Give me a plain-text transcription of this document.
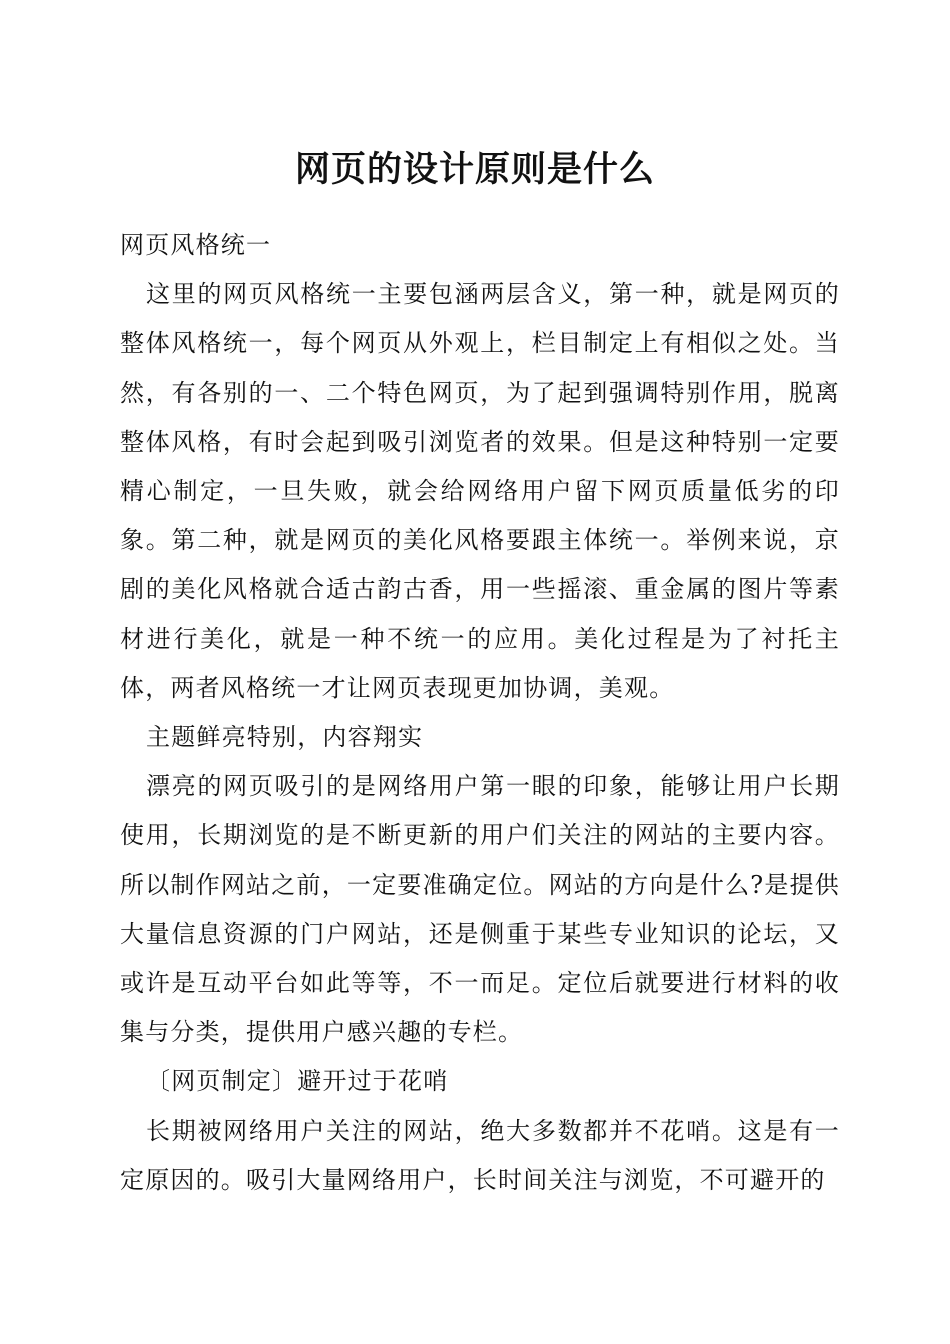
网页的设计原则是什么

网页风格统一

这里的网页风格统一主要包涵两层含义，第一种，就是网页的整体风格统一，每个网页从外观上，栏目制定上有相似之处。当然，有各别的一、二个特色网页，为了起到强调特别作用，脱离整体风格，有时会起到吸引浏览者的效果。但是这种特别一定要精心制定，一旦失败，就会给网络用户留下网页质量低劣的印象。第二种，就是网页的美化风格要跟主体统一。举例来说，京剧的美化风格就合适古韵古香，用一些摇滚、重金属的图片等素材进行美化，就是一种不统一的应用。美化过程是为了衬托主体，两者风格统一才让网页表现更加协调，美观。

主题鲜亮特别，内容翔实

漂亮的网页吸引的是网络用户第一眼的印象，能够让用户长期使用，长期浏览的是不断更新的用户们关注的网站的主要内容。所以制作网站之前，一定要准确定位。网站的方向是什么?是提供大量信息资源的门户网站，还是侧重于某些专业知识的论坛，又或许是互动平台如此等等，不一而足。定位后就要进行材料的收集与分类，提供用户感兴趣的专栏。

〔网页制定〕避开过于花哨

长期被网络用户关注的网站，绝大多数都并不花哨。这是有一定原因的。吸引大量网络用户，长时间关注与浏览，不可避开的
